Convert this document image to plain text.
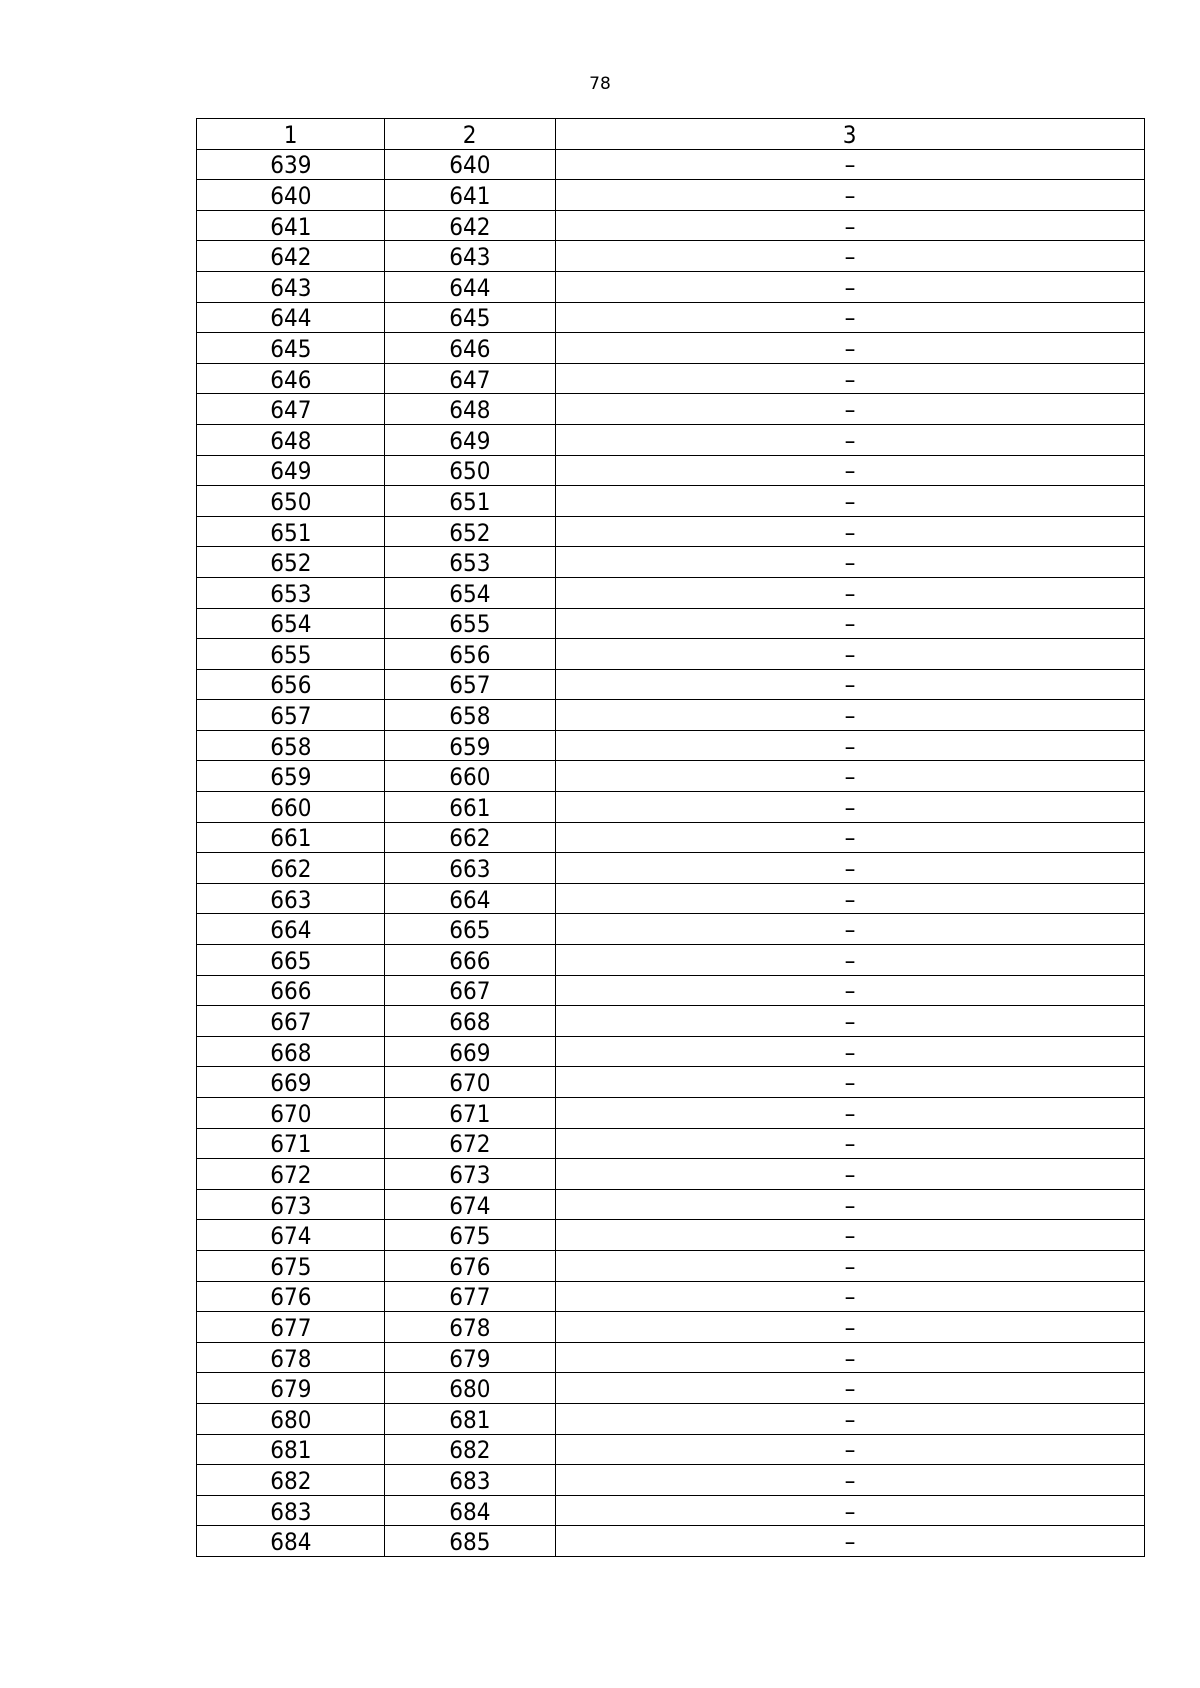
78
1	2	3
639	640	–
640	641	–
641	642	–
642	643	–
643	644	–
644	645	–
645	646	–
646	647	–
647	648	–
648	649	–
649	650	–
650	651	–
651	652	–
652	653	–
653	654	–
654	655	–
655	656	–
656	657	–
657	658	–
658	659	–
659	660	–
660	661	–
661	662	–
662	663	–
663	664	–
664	665	–
665	666	–
666	667	–
667	668	–
668	669	–
669	670	–
670	671	–
671	672	–
672	673	–
673	674	–
674	675	–
675	676	–
676	677	–
677	678	–
678	679	–
679	680	–
680	681	–
681	682	–
682	683	–
683	684	–
684	685	–
